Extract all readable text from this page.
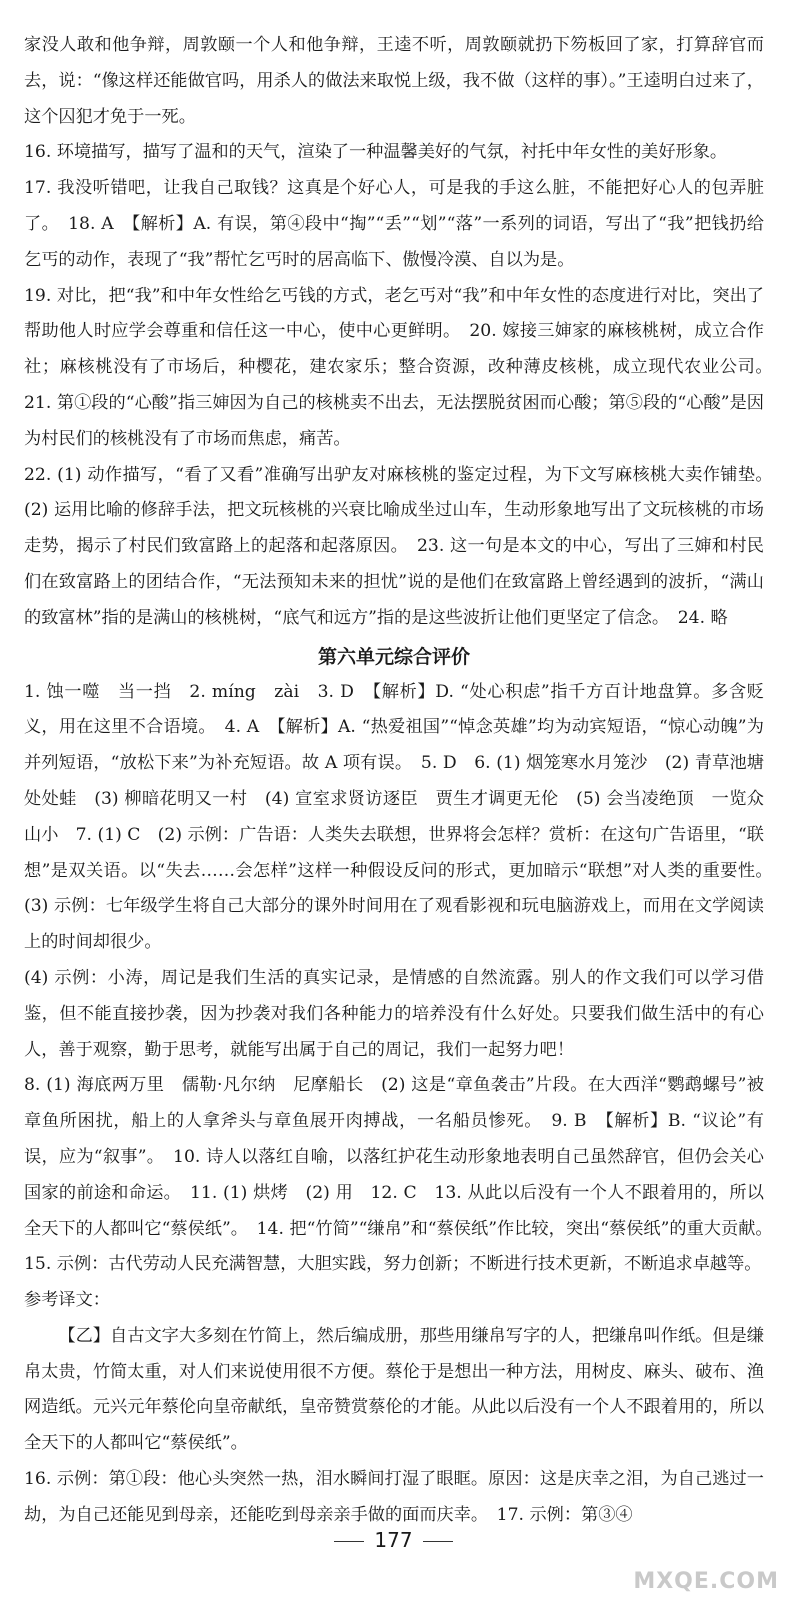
家没人敢和他争辩，周敦颐一个人和他争辩，王逵不听，周敦颐就扔下笏板回了家，打算辞官而去，说：“像这样还能做官吗，用杀人的做法来取悦上级，我不做（这样的事）。”王逵明白过来了，这个囚犯才免于一死。

16. 环境描写，描写了温和的天气，渲染了一种温馨美好的气氛，衬托中年女性的美好形象。

17. 我没听错吧，让我自己取钱？这真是个好心人，可是我的手这么脏，不能把好心人的包弄脏了。　18. A　【解析】A. 有误，第④段中“掏”“丢”“划”“落”一系列的词语，写出了“我”把钱扔给乞丐的动作，表现了“我”帮忙乞丐时的居高临下、傲慢冷漠、自以为是。

19. 对比，把“我”和中年女性给乞丐钱的方式，老乞丐对“我”和中年女性的态度进行对比，突出了帮助他人时应学会尊重和信任这一中心，使中心更鲜明。　20. 嫁接三婶家的麻核桃树，成立合作社；麻核桃没有了市场后，种樱花，建农家乐；整合资源，改种薄皮核桃，成立现代农业公司。　21. 第①段的“心酸”指三婶因为自己的核桃卖不出去，无法摆脱贫困而心酸；第⑤段的“心酸”是因为村民们的核桃没有了市场而焦虑，痛苦。

22. (1) 动作描写，“看了又看”准确写出驴友对麻核桃的鉴定过程，为下文写麻核桃大卖作铺垫。　(2) 运用比喻的修辞手法，把文玩核桃的兴衰比喻成坐过山车，生动形象地写出了文玩核桃的市场走势，揭示了村民们致富路上的起落和起落原因。　23. 这一句是本文的中心，写出了三婶和村民们在致富路上的团结合作，“无法预知未来的担忧”说的是他们在致富路上曾经遇到的波折，“满山的致富林”指的是满山的核桃树，“底气和远方”指的是这些波折让他们更坚定了信念。　24. 略

第六单元综合评价

1. 蚀一噬　当一挡　2. míng　zài　3. D　【解析】D. “处心积虑”指千方百计地盘算。多含贬义，用在这里不合语境。　4. A　【解析】A. “热爱祖国”“悼念英雄”均为动宾短语，“惊心动魄”为并列短语，“放松下来”为补充短语。故 A 项有误。　5. D　6. (1) 烟笼寒水月笼沙　(2) 青草池塘处处蛙　(3) 柳暗花明又一村　(4) 宣室求贤访逐臣　贾生才调更无伦　(5) 会当凌绝顶　一览众山小　7. (1) C　(2) 示例：广告语：人类失去联想，世界将会怎样？赏析：在这句广告语里，“联想”是双关语。以“失去……会怎样”这样一种假设反问的形式，更加暗示“联想”对人类的重要性。　(3) 示例：七年级学生将自己大部分的课外时间用在了观看影视和玩电脑游戏上，而用在文学阅读上的时间却很少。

(4) 示例：小涛，周记是我们生活的真实记录，是情感的自然流露。别人的作文我们可以学习借鉴，但不能直接抄袭，因为抄袭对我们各种能力的培养没有什么好处。只要我们做生活中的有心人，善于观察，勤于思考，就能写出属于自己的周记，我们一起努力吧！

8. (1) 海底两万里　儒勒·凡尔纳　尼摩船长　(2) 这是“章鱼袭击”片段。在大西洋“鹦鹉螺号”被章鱼所困扰，船上的人拿斧头与章鱼展开肉搏战，一名船员惨死。　9. B　【解析】B. “议论”有误，应为“叙事”。　10. 诗人以落红自喻，以落红护花生动形象地表明自己虽然辞官，但仍会关心国家的前途和命运。　11. (1) 烘烤　(2) 用　12. C　13. 从此以后没有一个人不跟着用的，所以全天下的人都叫它“蔡侯纸”。　14. 把“竹简”“缣帛”和“蔡侯纸”作比较，突出“蔡侯纸”的重大贡献。　15. 示例：古代劳动人民充满智慧，大胆实践，努力创新；不断进行技术更新，不断追求卓越等。

参考译文：

【乙】自古文字大多刻在竹简上，然后编成册，那些用缣帛写字的人，把缣帛叫作纸。但是缣帛太贵，竹简太重，对人们来说使用很不方便。蔡伦于是想出一种方法，用树皮、麻头、破布、渔网造纸。元兴元年蔡伦向皇帝献纸，皇帝赞赏蔡伦的才能。从此以后没有一个人不跟着用的，所以全天下的人都叫它“蔡侯纸”。

16. 示例：第①段：他心头突然一热，泪水瞬间打湿了眼眶。原因：这是庆幸之泪，为自己逃过一劫，为自己还能见到母亲，还能吃到母亲亲手做的面而庆幸。　17. 示例：第③④

177
MXQE.COM
